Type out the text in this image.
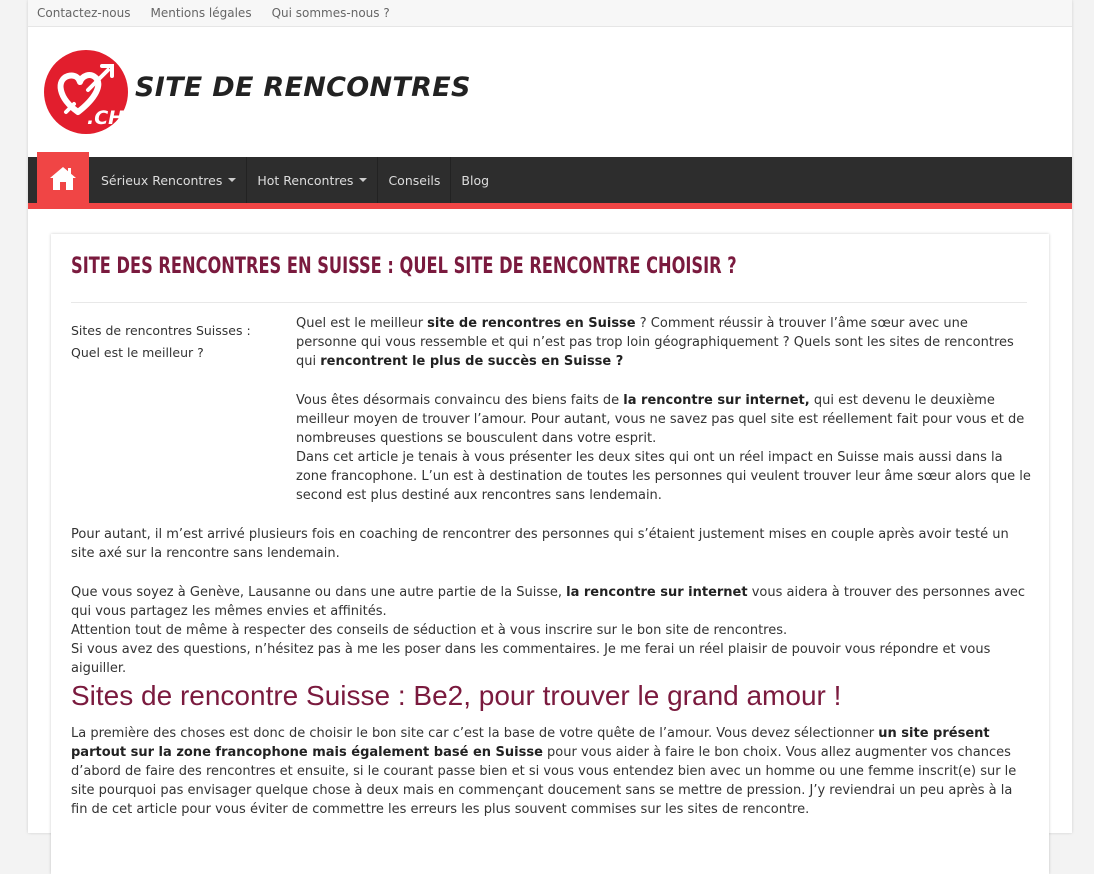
Contactez-nous Mentions légales Qui sommes-nous ?
.CH
SITE DE RENCONTRES
Sérieux Rencontres	Hot Rencontres	Conseils Blog
SITE DES RENCONTRES EN SUISSE : QUEL SITE DE RENCONTRE CHOISIR ?
Sites de rencontres Suisses : Quel est le meilleur ?
Quel est le meilleur site de rencontres en Suisse ? Comment réussir à trouver l’âme sœur avec une personne qui vous ressemble et qui n’est pas trop loin géographiquement ? Quels sont les sites de rencontres qui rencontrent le plus de succès en Suisse ?
Vous êtes désormais convaincu des biens faits de la rencontre sur internet, qui est devenu le deuxième meilleur moyen de trouver l’amour. Pour autant, vous ne savez pas quel site est réellement fait pour vous et de nombreuses questions se bousculent dans votre esprit.
Dans cet article je tenais à vous présenter les deux sites qui ont un réel impact en Suisse mais aussi dans la zone francophone. L’un est à destination de toutes les personnes qui veulent trouver leur âme sœur alors que le second est plus destiné aux rencontres sans lendemain.
Pour autant, il m’est arrivé plusieurs fois en coaching de rencontrer des personnes qui s’étaient justement mises en couple après avoir testé un site axé sur la rencontre sans lendemain.
Que vous soyez à Genève, Lausanne ou dans une autre partie de la Suisse, la rencontre sur internet vous aidera à trouver des personnes avec qui vous partagez les mêmes envies et affinités.
Attention tout de même à respecter des conseils de séduction et à vous inscrire sur le bon site de rencontres.
Si vous avez des questions, n’hésitez pas à me les poser dans les commentaires. Je me ferai un réel plaisir de pouvoir vous répondre et vous aiguiller.
Sites de rencontre Suisse : Be2, pour trouver le grand amour !
La première des choses est donc de choisir le bon site car c’est la base de votre quête de l’amour. Vous devez sélectionner un site présent partout sur la zone francophone mais également basé en Suisse pour vous aider à faire le bon choix. Vous allez augmenter vos chances d’abord de faire des rencontres et ensuite, si le courant passe bien et si vous vous entendez bien avec un homme ou une femme inscrit(e) sur le site pourquoi pas envisager quelque chose à deux mais en commençant doucement sans se mettre de pression. J’y reviendrai un peu après à la fin de cet article pour vous éviter de commettre les erreurs les plus souvent commises sur les sites de rencontre.
